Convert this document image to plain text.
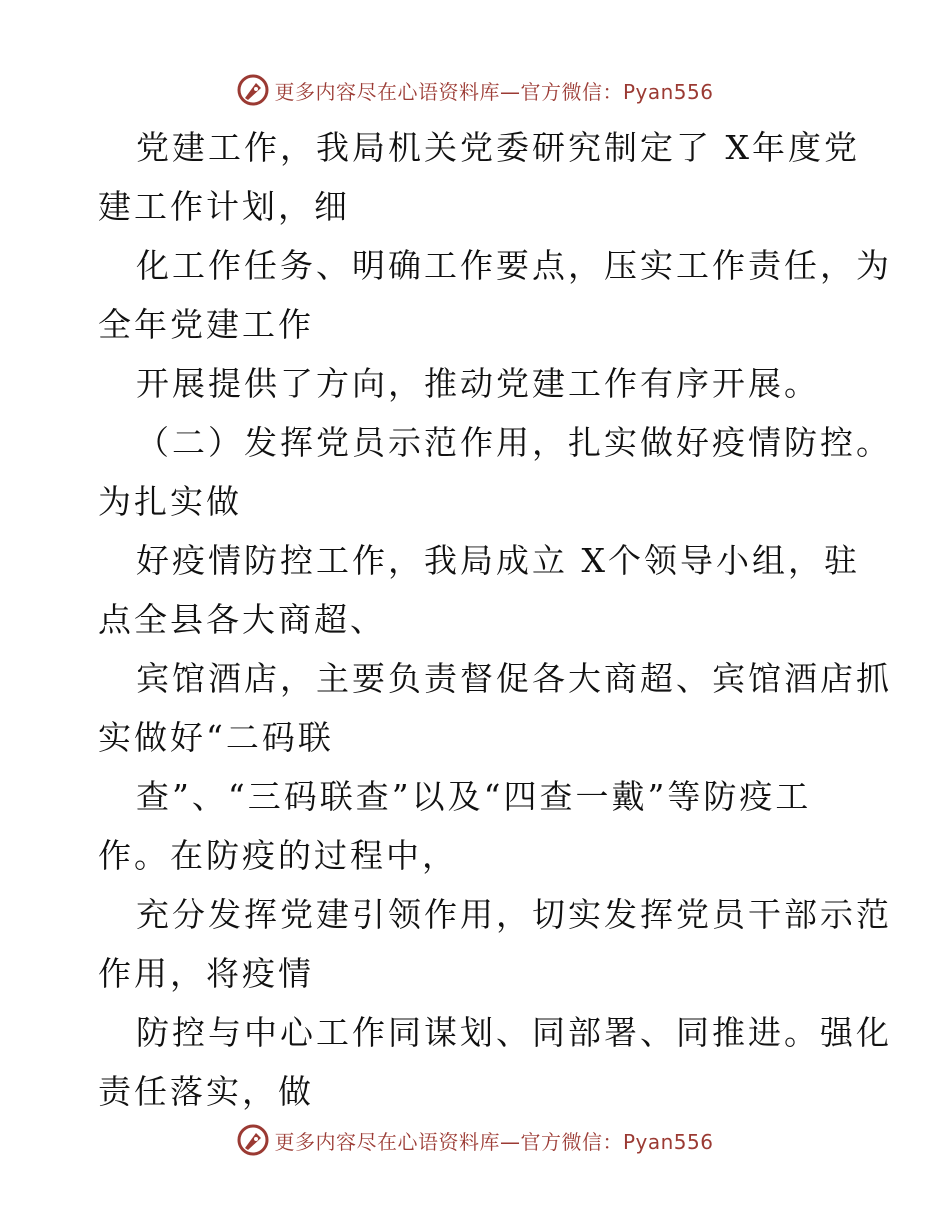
更多内容尽在心语资料库—官方微信：Pyan556
党建工作，我局机关党委研究制定了 X年度党
建工作计划，细
化工作任务、明确工作要点，压实工作责任，为
全年党建工作
开展提供了方向，推动党建工作有序开展。
（二）发挥党员示范作用，扎实做好疫情防控。
为扎实做
好疫情防控工作，我局成立 X个领导小组，驻
点全县各大商超、
宾馆酒店，主要负责督促各大商超、宾馆酒店抓
实做好“二码联
查”、“三码联查”以及“四查一戴”等防疫工
作。在防疫的过程中，
充分发挥党建引领作用，切实发挥党员干部示范
作用，将疫情
防控与中心工作同谋划、同部署、同推进。强化
责任落实，做
更多内容尽在心语资料库—官方微信：Pyan556
